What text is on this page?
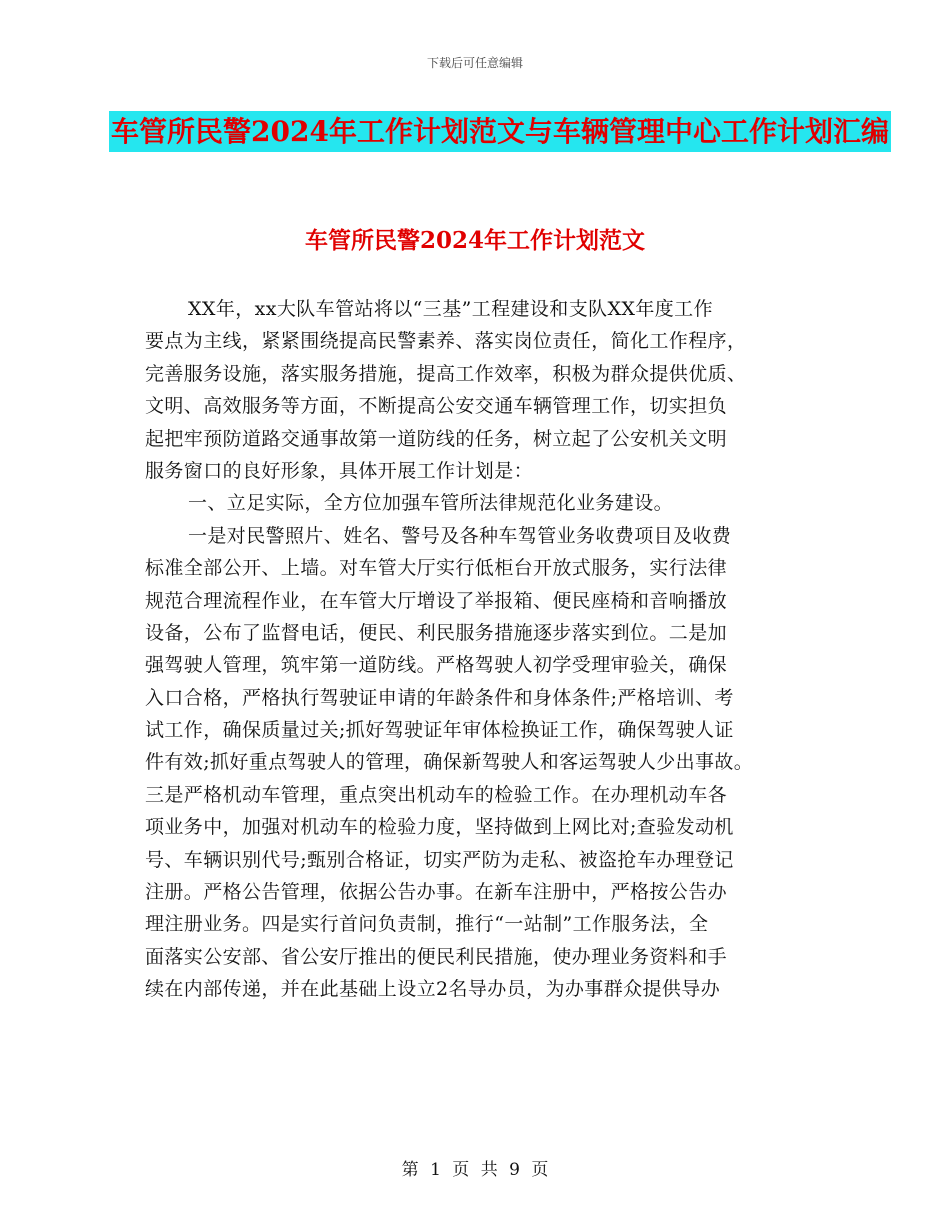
下载后可任意编辑
车管所民警2024年工作计划范文与车辆管理中心工作计划汇编
车管所民警2024年工作计划范文
XX年，xx大队车管站将以“三基”工程建设和支队XX年度工作
要点为主线，紧紧围绕提高民警素养、落实岗位责任，简化工作程序，
完善服务设施，落实服务措施，提高工作效率，积极为群众提供优质、
文明、高效服务等方面，不断提高公安交通车辆管理工作，切实担负
起把牢预防道路交通事故第一道防线的任务，树立起了公安机关文明
服务窗口的良好形象，具体开展工作计划是：
一、立足实际，全方位加强车管所法律规范化业务建设。
一是对民警照片、姓名、警号及各种车驾管业务收费项目及收费
标准全部公开、上墙。对车管大厅实行低柜台开放式服务，实行法律
规范合理流程作业，在车管大厅增设了举报箱、便民座椅和音响播放
设备，公布了监督电话，便民、利民服务措施逐步落实到位。二是加
强驾驶人管理，筑牢第一道防线。严格驾驶人初学受理审验关，确保
入口合格，严格执行驾驶证申请的年龄条件和身体条件;严格培训、考
试工作，确保质量过关;抓好驾驶证年审体检换证工作，确保驾驶人证
件有效;抓好重点驾驶人的管理，确保新驾驶人和客运驾驶人少出事故。
三是严格机动车管理，重点突出机动车的检验工作。在办理机动车各
项业务中，加强对机动车的检验力度，坚持做到上网比对;查验发动机
号、车辆识别代号;甄别合格证，切实严防为走私、被盗抢车办理登记
注册。严格公告管理，依据公告办事。在新车注册中，严格按公告办
理注册业务。四是实行首问负责制，推行“一站制”工作服务法，全
面落实公安部、省公安厅推出的便民利民措施，使办理业务资料和手
续在内部传递，并在此基础上设立2名导办员，为办事群众提供导办
第 1 页 共 9 页
